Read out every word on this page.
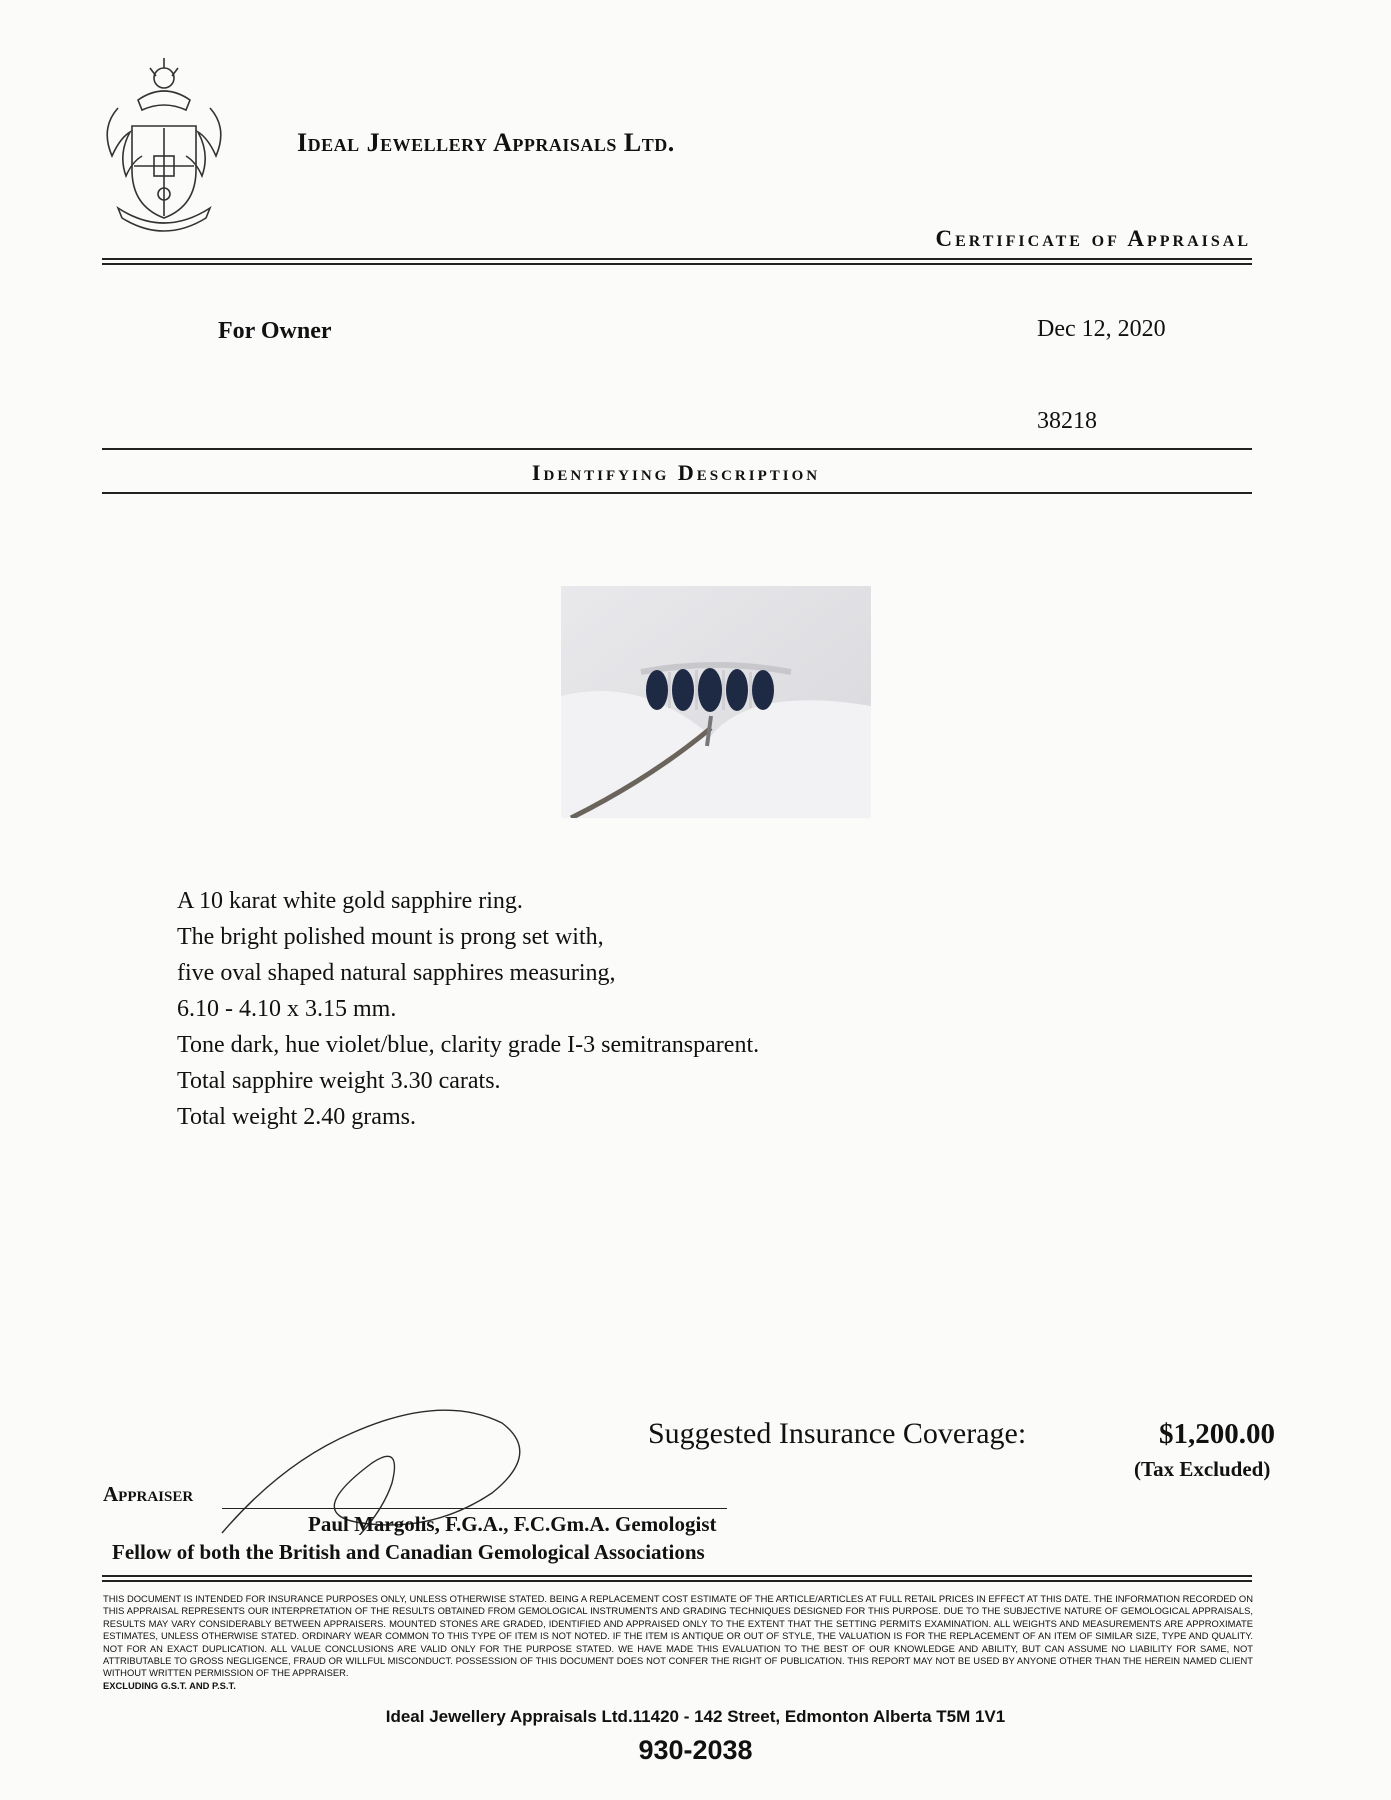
Ideal Jewellery Appraisals Ltd.
Certificate of Appraisal
For Owner	Dec 12, 2020
38218
Identifying Description
A 10 karat white gold sapphire ring.
The bright polished mount is prong set with,
five oval shaped natural sapphires measuring,
6.10 - 4.10 x 3.15 mm.
Tone dark, hue violet/blue, clarity grade I-3 semitransparent.
Total sapphire weight 3.30 carats.
Total weight 2.40 grams.
Suggested Insurance Coverage:	$1,200.00
(Tax Excluded)
Appraiser
Paul Margolis, F.G.A., F.C.Gm.A. Gemologist
Fellow of both the British and Canadian Gemological Associations
THIS DOCUMENT IS INTENDED FOR INSURANCE PURPOSES ONLY, UNLESS OTHERWISE STATED. BEING A REPLACEMENT COST ESTIMATE OF THE ARTICLE/ARTICLES AT FULL RETAIL PRICES IN EFFECT AT THIS DATE. THE INFORMATION RECORDED ON THIS APPRAISAL REPRESENTS OUR INTERPRETATION OF THE RESULTS OBTAINED FROM GEMOLOGICAL INSTRUMENTS AND GRADING TECHNIQUES DESIGNED FOR THIS PURPOSE. DUE TO THE SUBJECTIVE NATURE OF GEMOLOGICAL APPRAISALS, RESULTS MAY VARY CONSIDERABLY BETWEEN APPRAISERS. MOUNTED STONES ARE GRADED, IDENTIFIED AND APPRAISED ONLY TO THE EXTENT THAT THE SETTING PERMITS EXAMINATION. ALL WEIGHTS AND MEASUREMENTS ARE APPROXIMATE ESTIMATES, UNLESS OTHERWISE STATED. ORDINARY WEAR COMMON TO THIS TYPE OF ITEM IS NOT NOTED. IF THE ITEM IS ANTIQUE OR OUT OF STYLE, THE VALUATION IS FOR THE REPLACEMENT OF AN ITEM OF SIMILAR SIZE, TYPE AND QUALITY. NOT FOR AN EXACT DUPLICATION. ALL VALUE CONCLUSIONS ARE VALID ONLY FOR THE PURPOSE STATED. WE HAVE MADE THIS EVALUATION TO THE BEST OF OUR KNOWLEDGE AND ABILITY, BUT CAN ASSUME NO LIABILITY FOR SAME, NOT ATTRIBUTABLE TO GROSS NEGLIGENCE, FRAUD OR WILLFUL MISCONDUCT. POSSESSION OF THIS DOCUMENT DOES NOT CONFER THE RIGHT OF PUBLICATION. THIS REPORT MAY NOT BE USED BY ANYONE OTHER THAN THE HEREIN NAMED CLIENT WITHOUT WRITTEN PERMISSION OF THE APPRAISER.
EXCLUDING G.S.T. AND P.S.T.
Ideal Jewellery Appraisals Ltd.11420 - 142 Street, Edmonton Alberta T5M 1V1
930-2038
